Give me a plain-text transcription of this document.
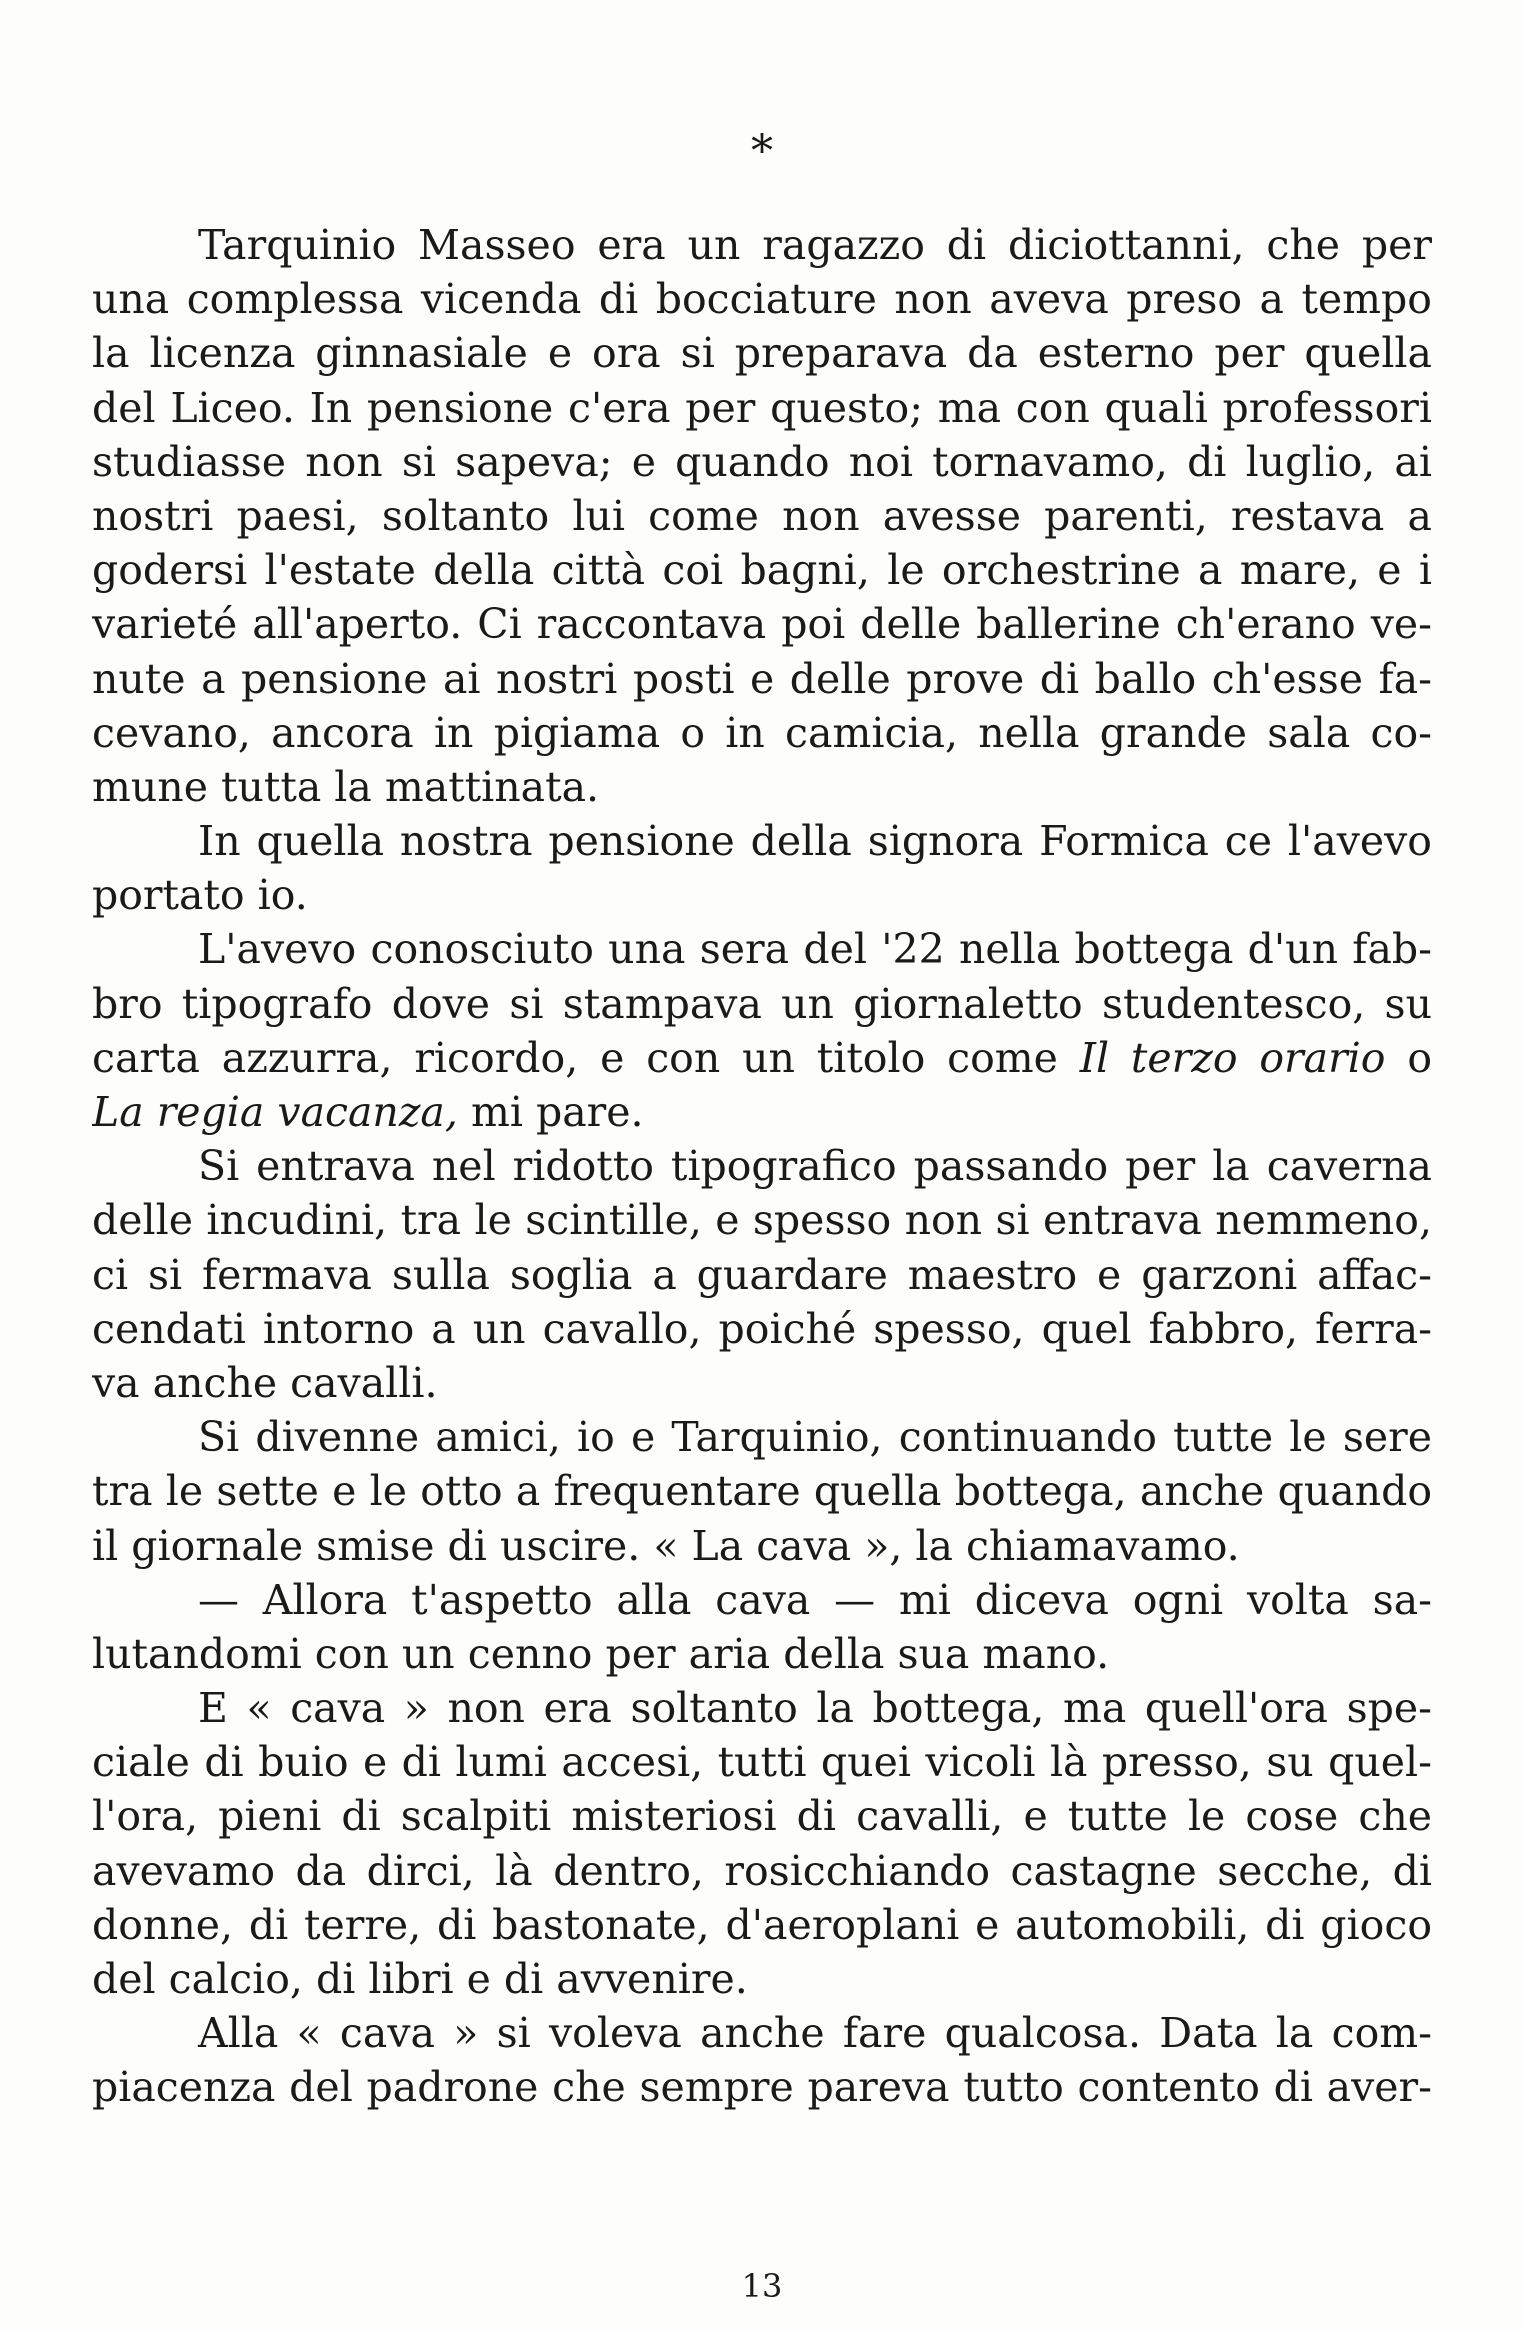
*
Tarquinio Masseo era un ragazzo di diciottanni, che per
una complessa vicenda di bocciature non aveva preso a tempo
la licenza ginnasiale e ora si preparava da esterno per quella
del Liceo. In pensione c'era per questo; ma con quali professori
studiasse non si sapeva; e quando noi tornavamo, di luglio, ai
nostri paesi, soltanto lui come non avesse parenti, restava a
godersi l'estate della città coi bagni, le orchestrine a mare, e i
varieté all'aperto. Ci raccontava poi delle ballerine ch'erano ve-
nute a pensione ai nostri posti e delle prove di ballo ch'esse fa-
cevano, ancora in pigiama o in camicia, nella grande sala co-
mune tutta la mattinata.
In quella nostra pensione della signora Formica ce l'avevo
portato io.
L'avevo conosciuto una sera del '22 nella bottega d'un fab-
bro tipografo dove si stampava un giornaletto studentesco, su
carta azzurra, ricordo, e con un titolo come Il terzo orario o
La regia vacanza, mi pare.
Si entrava nel ridotto tipografico passando per la caverna
delle incudini, tra le scintille, e spesso non si entrava nemmeno,
ci si fermava sulla soglia a guardare maestro e garzoni affac-
cendati intorno a un cavallo, poiché spesso, quel fabbro, ferra-
va anche cavalli.
Si divenne amici, io e Tarquinio, continuando tutte le sere
tra le sette e le otto a frequentare quella bottega, anche quando
il giornale smise di uscire. « La cava », la chiamavamo.
— Allora t'aspetto alla cava — mi diceva ogni volta sa-
lutandomi con un cenno per aria della sua mano.
E « cava » non era soltanto la bottega, ma quell'ora spe-
ciale di buio e di lumi accesi, tutti quei vicoli là presso, su quel-
l'ora, pieni di scalpiti misteriosi di cavalli, e tutte le cose che
avevamo da dirci, là dentro, rosicchiando castagne secche, di
donne, di terre, di bastonate, d'aeroplani e automobili, di gioco
del calcio, di libri e di avvenire.
Alla « cava » si voleva anche fare qualcosa. Data la com-
piacenza del padrone che sempre pareva tutto contento di aver-
13
